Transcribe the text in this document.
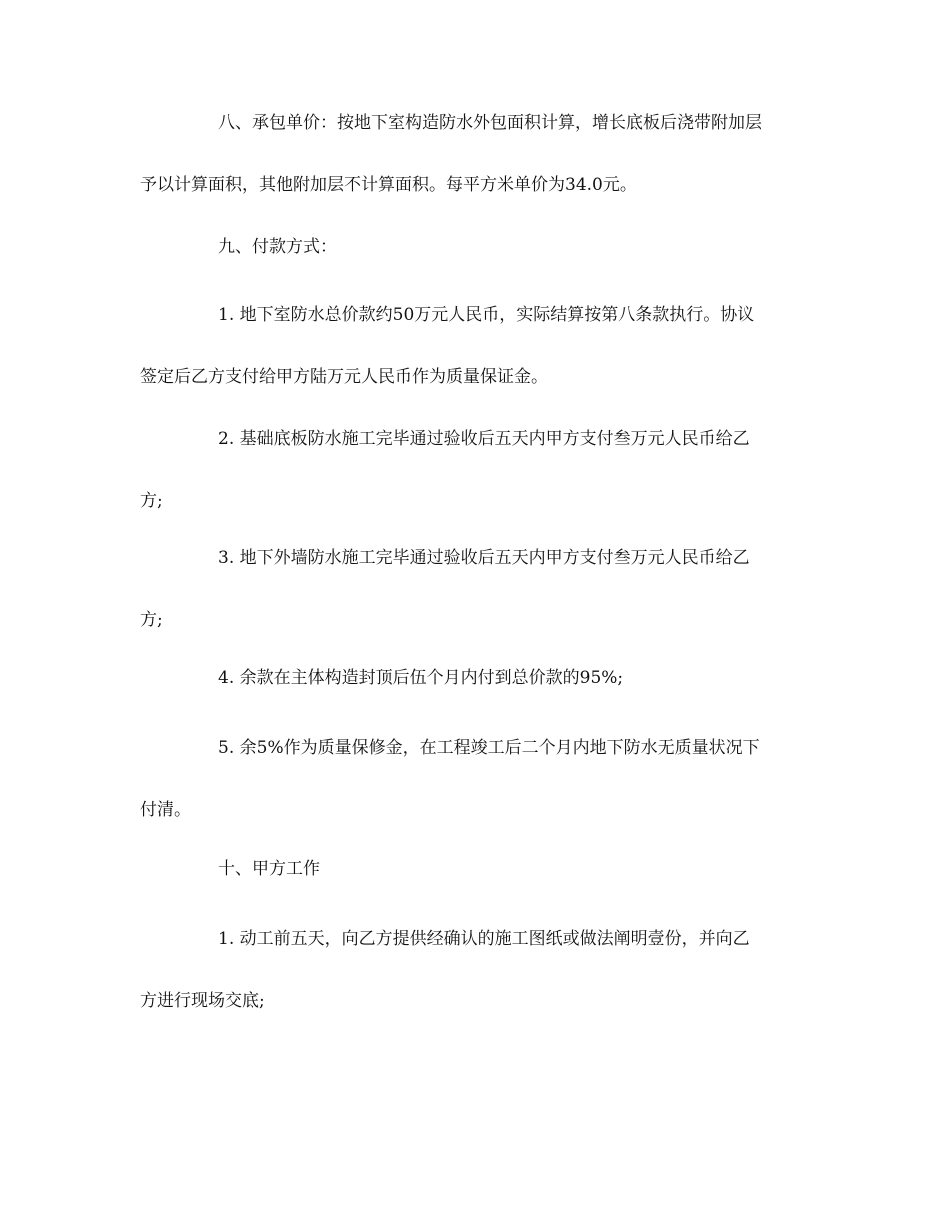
八、承包单价：按地下室构造防水外包面积计算，增长底板后浇带附加层
予以计算面积，其他附加层不计算面积。每平方米单价为34.0元。
九、付款方式：
1. 地下室防水总价款约50万元人民币，实际结算按第八条款执行。协议
签定后乙方支付给甲方陆万元人民币作为质量保证金。
2. 基础底板防水施工完毕通过验收后五天内甲方支付叁万元人民币给乙
方;
3. 地下外墙防水施工完毕通过验收后五天内甲方支付叁万元人民币给乙
方;
4. 余款在主体构造封顶后伍个月内付到总价款的95%;
5. 余5%作为质量保修金，在工程竣工后二个月内地下防水无质量状况下
付清。
十、甲方工作
1. 动工前五天，向乙方提供经确认的施工图纸或做法阐明壹份，并向乙
方进行现场交底;
